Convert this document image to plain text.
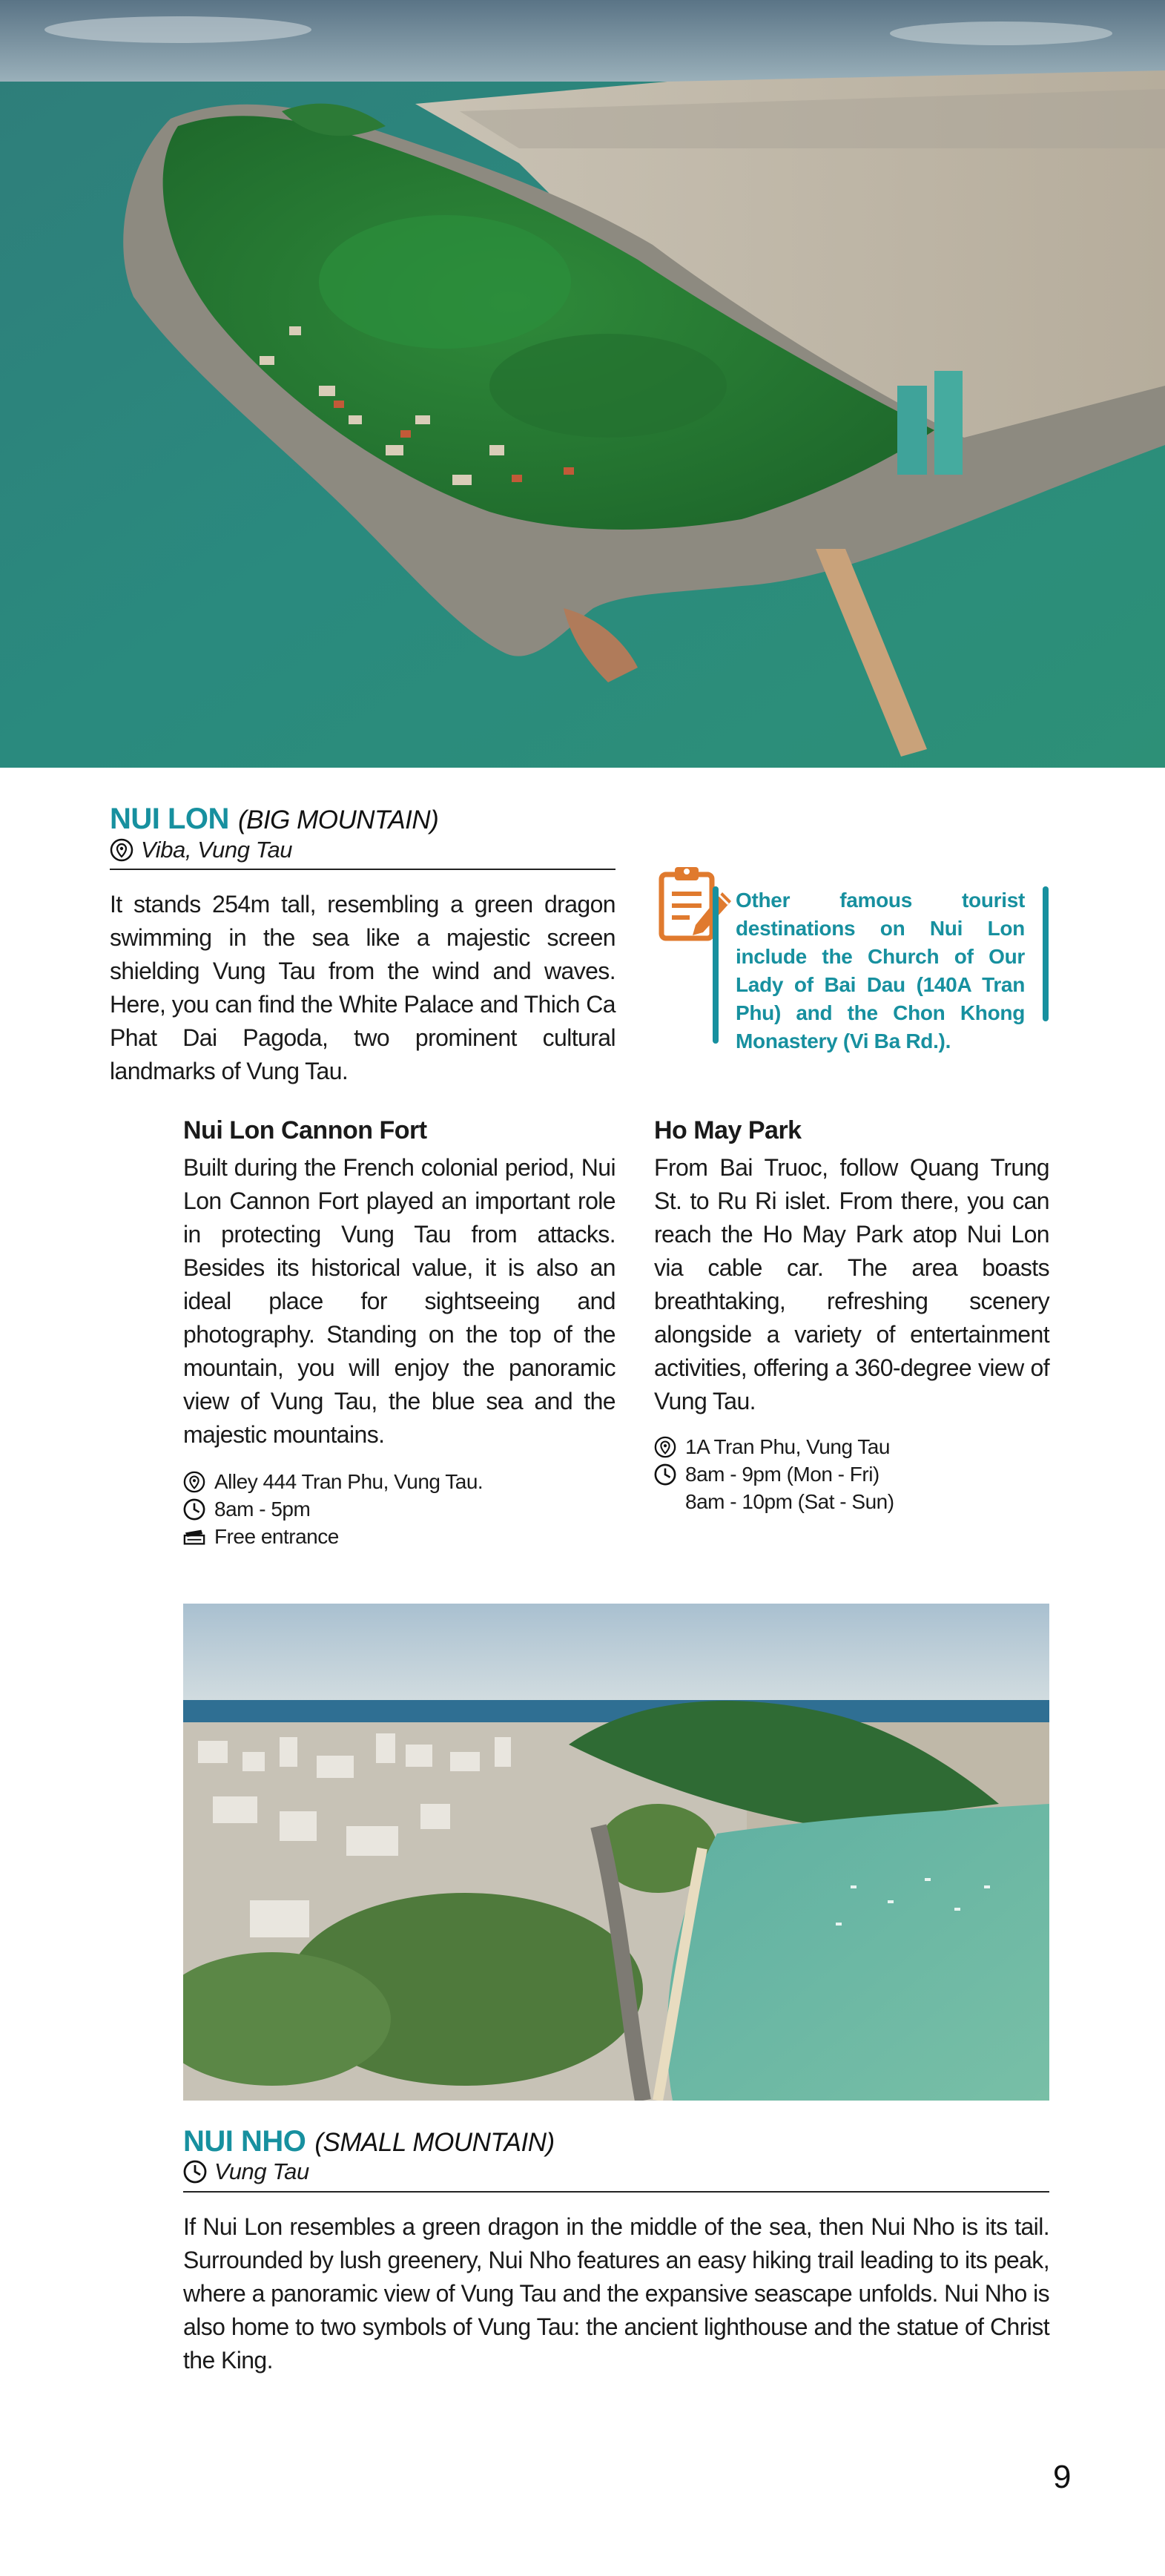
NUI LON (BIG MOUNTAIN)
Viba, Vung Tau
It stands 254m tall, resembling a green dragon swimming in the sea like a majestic screen shielding Vung Tau from the wind and waves. Here, you can find the White Palace and Thich Ca Phat Dai Pagoda, two prominent cultural landmarks of Vung Tau.
Other famous tourist destinations on Nui Lon include the Church of Our Lady of Bai Dau (140A Tran Phu) and the Chon Khong Monastery (Vi Ba Rd.).
Nui Lon Cannon Fort
Built during the French colonial period, Nui Lon Cannon Fort played an important role in protecting Vung Tau from attacks. Besides its historical value, it is also an ideal place for sightseeing and photography. Standing on the top of the mountain, you will enjoy the panoramic view of Vung Tau, the blue sea and the majestic mountains.
Alley 444 Tran Phu, Vung Tau.
8am - 5pm
Free entrance
Ho May Park
From Bai Truoc, follow Quang Trung St. to Ru Ri islet. From there, you can reach the Ho May Park atop Nui Lon via cable car. The area boasts breathtaking, refreshing scenery alongside a variety of entertainment activities, offering a 360-degree view of Vung Tau.
1A Tran Phu, Vung Tau
8am - 9pm (Mon - Fri)
8am - 10pm (Sat - Sun)
NUI NHO (SMALL MOUNTAIN)
Vung Tau
If Nui Lon resembles a green dragon in the middle of the sea, then Nui Nho is its tail. Surrounded by lush greenery, Nui Nho features an easy hiking trail leading to its peak, where a panoramic view of Vung Tau and the expansive seascape unfolds. Nui Nho is also home to two symbols of Vung Tau: the ancient lighthouse and the statue of Christ the King.
9
